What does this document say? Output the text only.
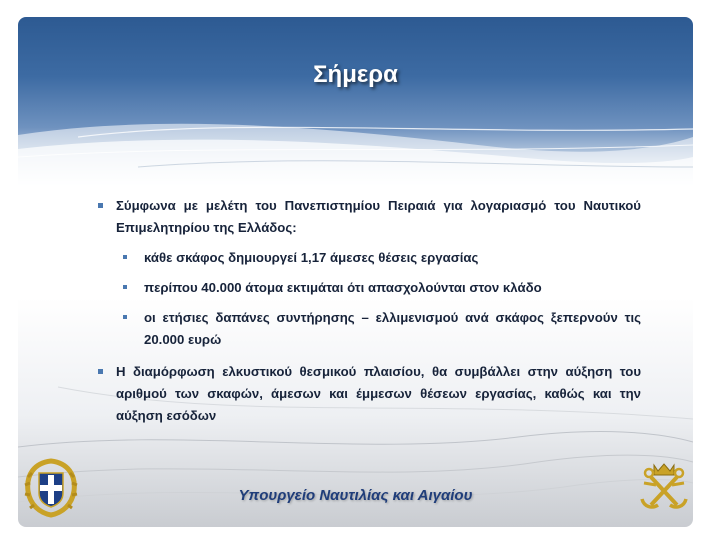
Σήμερα
Σύμφωνα με μελέτη του Πανεπιστημίου Πειραιά για λογαριασμό του Ναυτικού Επιμελητηρίου της Ελλάδος:
κάθε σκάφος δημιουργεί 1,17 άμεσες θέσεις εργασίας
περίπου 40.000 άτομα εκτιμάται ότι απασχολούνται στον κλάδο
οι ετήσιες δαπάνες συντήρησης – ελλιμενισμού ανά σκάφος ξεπερνούν τις 20.000 ευρώ
Η διαμόρφωση ελκυστικού θεσμικού πλαισίου, θα συμβάλλει στην αύξηση του αριθμού των σκαφών, άμεσων και έμμεσων θέσεων εργασίας, καθώς και την αύξηση εσόδων
Υπουργείο Ναυτιλίας και Αιγαίου
